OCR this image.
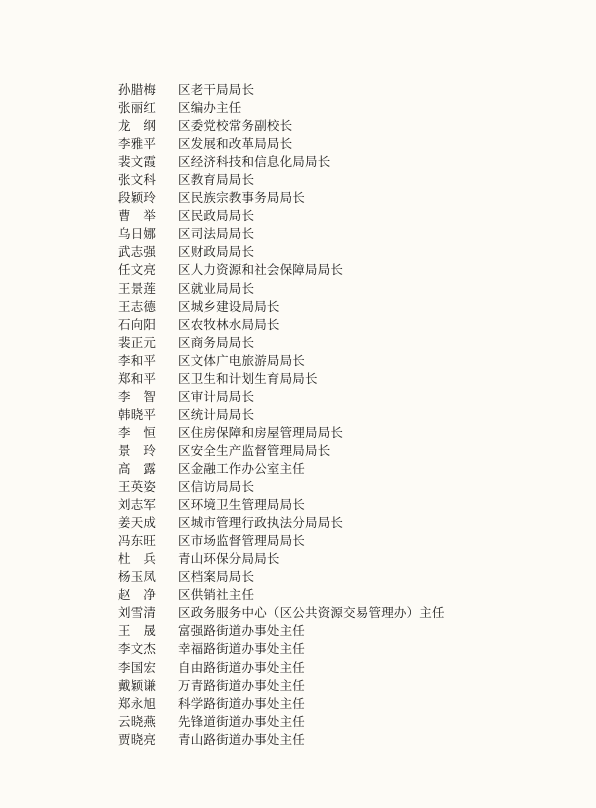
孙腊梅	区老干局局长
张丽红	区编办主任
龙　纲	区委党校常务副校长
李雅平	区发展和改革局局长
裴文霞	区经济科技和信息化局局长
张文科	区教育局局长
段颖玲	区民族宗教事务局局长
曹　举	区民政局局长
乌日娜	区司法局局长
武志强	区财政局局长
任文亮	区人力资源和社会保障局局长
王景莲	区就业局局长
王志德	区城乡建设局局长
石向阳	区农牧林水局局长
裴正元	区商务局局长
李和平	区文体广电旅游局局长
郑和平	区卫生和计划生育局局长
李　智	区审计局局长
韩晓平	区统计局局长
李　恒	区住房保障和房屋管理局局长
景　玲	区安全生产监督管理局局长
高　露	区金融工作办公室主任
王英姿	区信访局局长
刘志军	区环境卫生管理局局长
姜天成	区城市管理行政执法分局局长
冯东旺	区市场监督管理局局长
杜　兵	青山环保分局局长
杨玉凤	区档案局局长
赵　净	区供销社主任
刘雪清	区政务服务中心（区公共资源交易管理办）主任
王　晟	富强路街道办事处主任
李文杰	幸福路街道办事处主任
李国宏	自由路街道办事处主任
戴颖谦	万青路街道办事处主任
郑永旭	科学路街道办事处主任
云晓燕	先锋道街道办事处主任
贾晓亮	青山路街道办事处主任
